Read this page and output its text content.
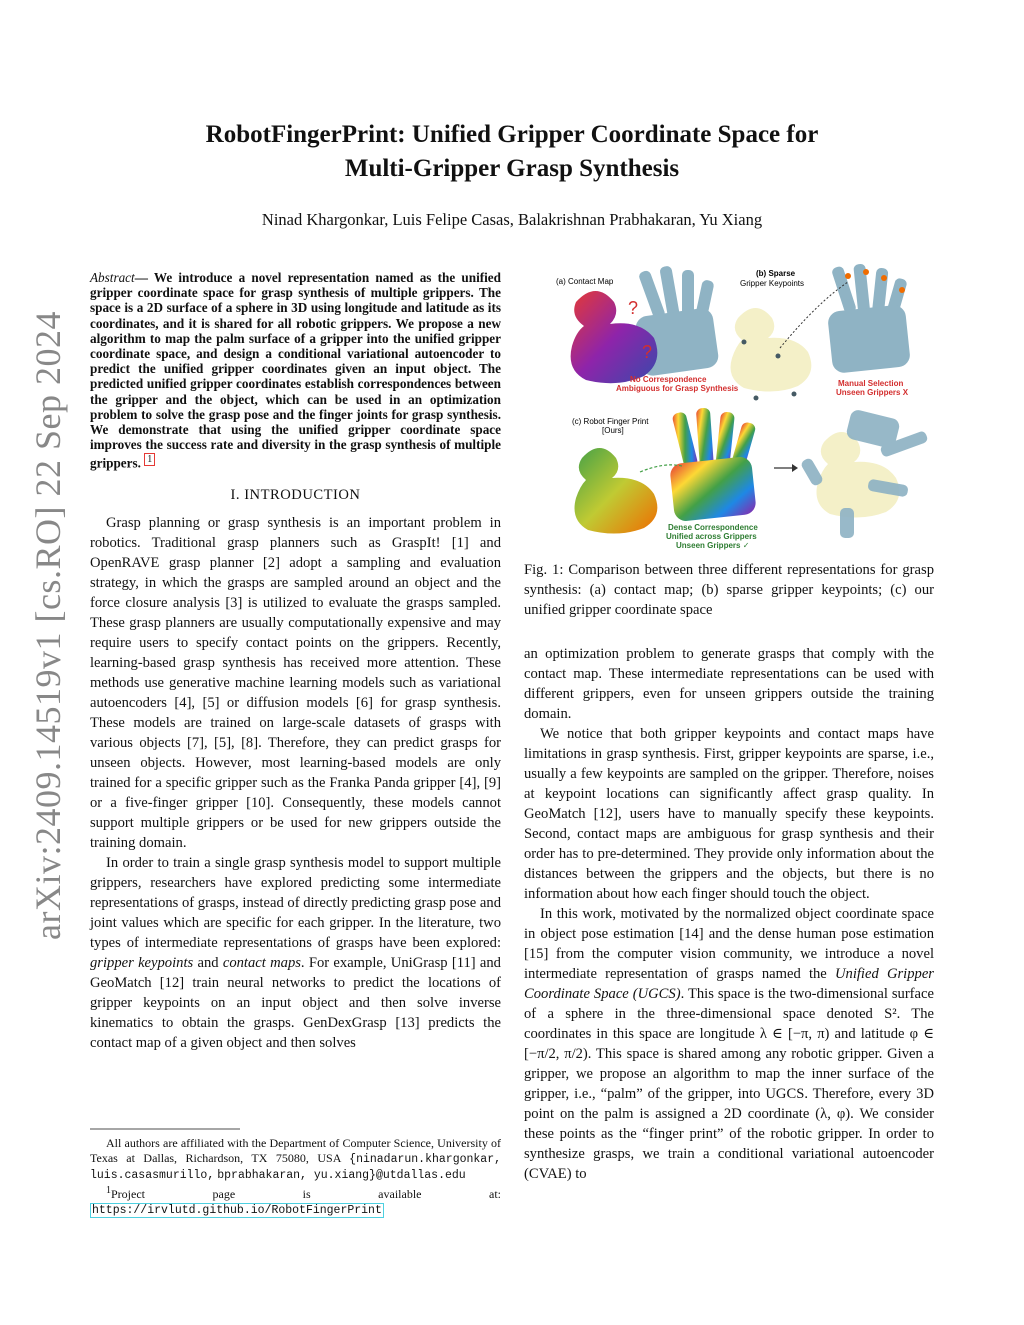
RobotFingerPrint: Unified Gripper Coordinate Space for
Multi-Gripper Grasp Synthesis
Ninad Khargonkar, Luis Felipe Casas, Balakrishnan Prabhakaran, Yu Xiang
arXiv:2409.14519v1 [cs.RO] 22 Sep 2024

Abstract— We introduce a novel representation named as the unified gripper coordinate space for grasp synthesis of multiple grippers. The space is a 2D surface of a sphere in 3D using longitude and latitude as its coordinates, and it is shared for all robotic grippers. We propose a new algorithm to map the palm surface of a gripper into the unified gripper coordinate space, and design a conditional variational autoencoder to predict the unified gripper coordinates given an input object. The predicted unified gripper coordinates establish correspondences between the gripper and the object, which can be used in an optimization problem to solve the grasp pose and the finger joints for grasp synthesis. We demonstrate that using the unified gripper coordinate space improves the success rate and diversity in the grasp synthesis of multiple grippers. $^1$

I. INTRODUCTION

Grasp planning or grasp synthesis is an important problem in robotics. Traditional grasp planners such as GraspIt! [1] and OpenRAVE grasp planner [2] adopt a sampling and evaluation strategy, in which the grasps are sampled around an object and the force closure analysis [3] is utilized to evaluate the grasps sampled. These grasp planners are usually computationally expensive and may require users to specify contact points on the grippers. Recently, learning-based grasp synthesis has received more attention. These methods use generative machine learning models such as variational autoencoders [4], [5] or diffusion models [6] for grasp synthesis. These models are trained on large-scale datasets of grasps with various objects [7], [5], [8]. Therefore, they can predict grasps for unseen objects. However, most learning-based models are only trained for a specific gripper such as the Franka Panda gripper [4], [9] or a five-finger gripper [10]. Consequently, these models cannot support multiple grippers or be used for new grippers outside the training domain.

In order to train a single grasp synthesis model to support multiple grippers, researchers have explored predicting some intermediate representations of grasps, instead of directly predicting grasp pose and joint values which are specific for each gripper. In the literature, two types of intermediate representations of grasps have been explored: gripper keypoints and contact maps. For example, UniGrasp [11] and GeoMatch [12] train neural networks to predict the locations of gripper keypoints on an input object and then solve inverse kinematics to obtain the grasps. GenDexGrasp [13] predicts the contact map of a given object and then solves

All authors are affiliated with the Department of Computer Science, University of Texas at Dallas, Richardson, TX 75080, USA {ninadarun.khargonkar, luis.casasmurillo, bprabhakaran, yu.xiang}@utdallas.edu

$^1$Project page is available at: https://irvlutd.github.io/RobotFingerPrint

(a) Contact Map
?
?
No Correspondence
Ambiguous for Grasp Synthesis
(b) Sparse
Gripper Keypoints
Manual Selection
Unseen Grippers X
(c) Robot Finger Print
[Ours]
Dense Correspondence
Unified across Grippers
Unseen Grippers ✓
Fig. 1: Comparison between three different representations for grasp synthesis: (a) contact map; (b) sparse gripper keypoints; (c) our unified gripper coordinate space

an optimization problem to generate grasps that comply with the contact map. These intermediate representations can be used with different grippers, even for unseen grippers outside the training domain.

We notice that both gripper keypoints and contact maps have limitations in grasp synthesis. First, gripper keypoints are sparse, i.e., usually a few keypoints are sampled on the gripper. Therefore, noises at keypoint locations can significantly affect grasp quality. In GeoMatch [12], users have to manually specify these keypoints. Second, contact maps are ambiguous for grasp synthesis and their order has to pre-determined. They provide only information about the distances between the grippers and the objects, but there is no information about how each finger should touch the object.

In this work, motivated by the normalized object coordinate space in object pose estimation [14] and the dense human pose estimation [15] from the computer vision community, we introduce a novel intermediate representation of grasps named the Unified Gripper Coordinate Space (UGCS). This space is the two-dimensional surface of a sphere in the three-dimensional space denoted S². The coordinates in this space are longitude λ ∈ [−π, π) and latitude φ ∈ [−π/2, π/2). This space is shared among any robotic gripper. Given a gripper, we propose an algorithm to map the inner surface of the gripper, i.e., “palm” of the gripper, into UGCS. Therefore, every 3D point on the palm is assigned a 2D coordinate (λ, φ). We consider these points as the “finger print” of the robotic gripper. In order to synthesize grasps, we train a conditional variational autoencoder (CVAE) to
